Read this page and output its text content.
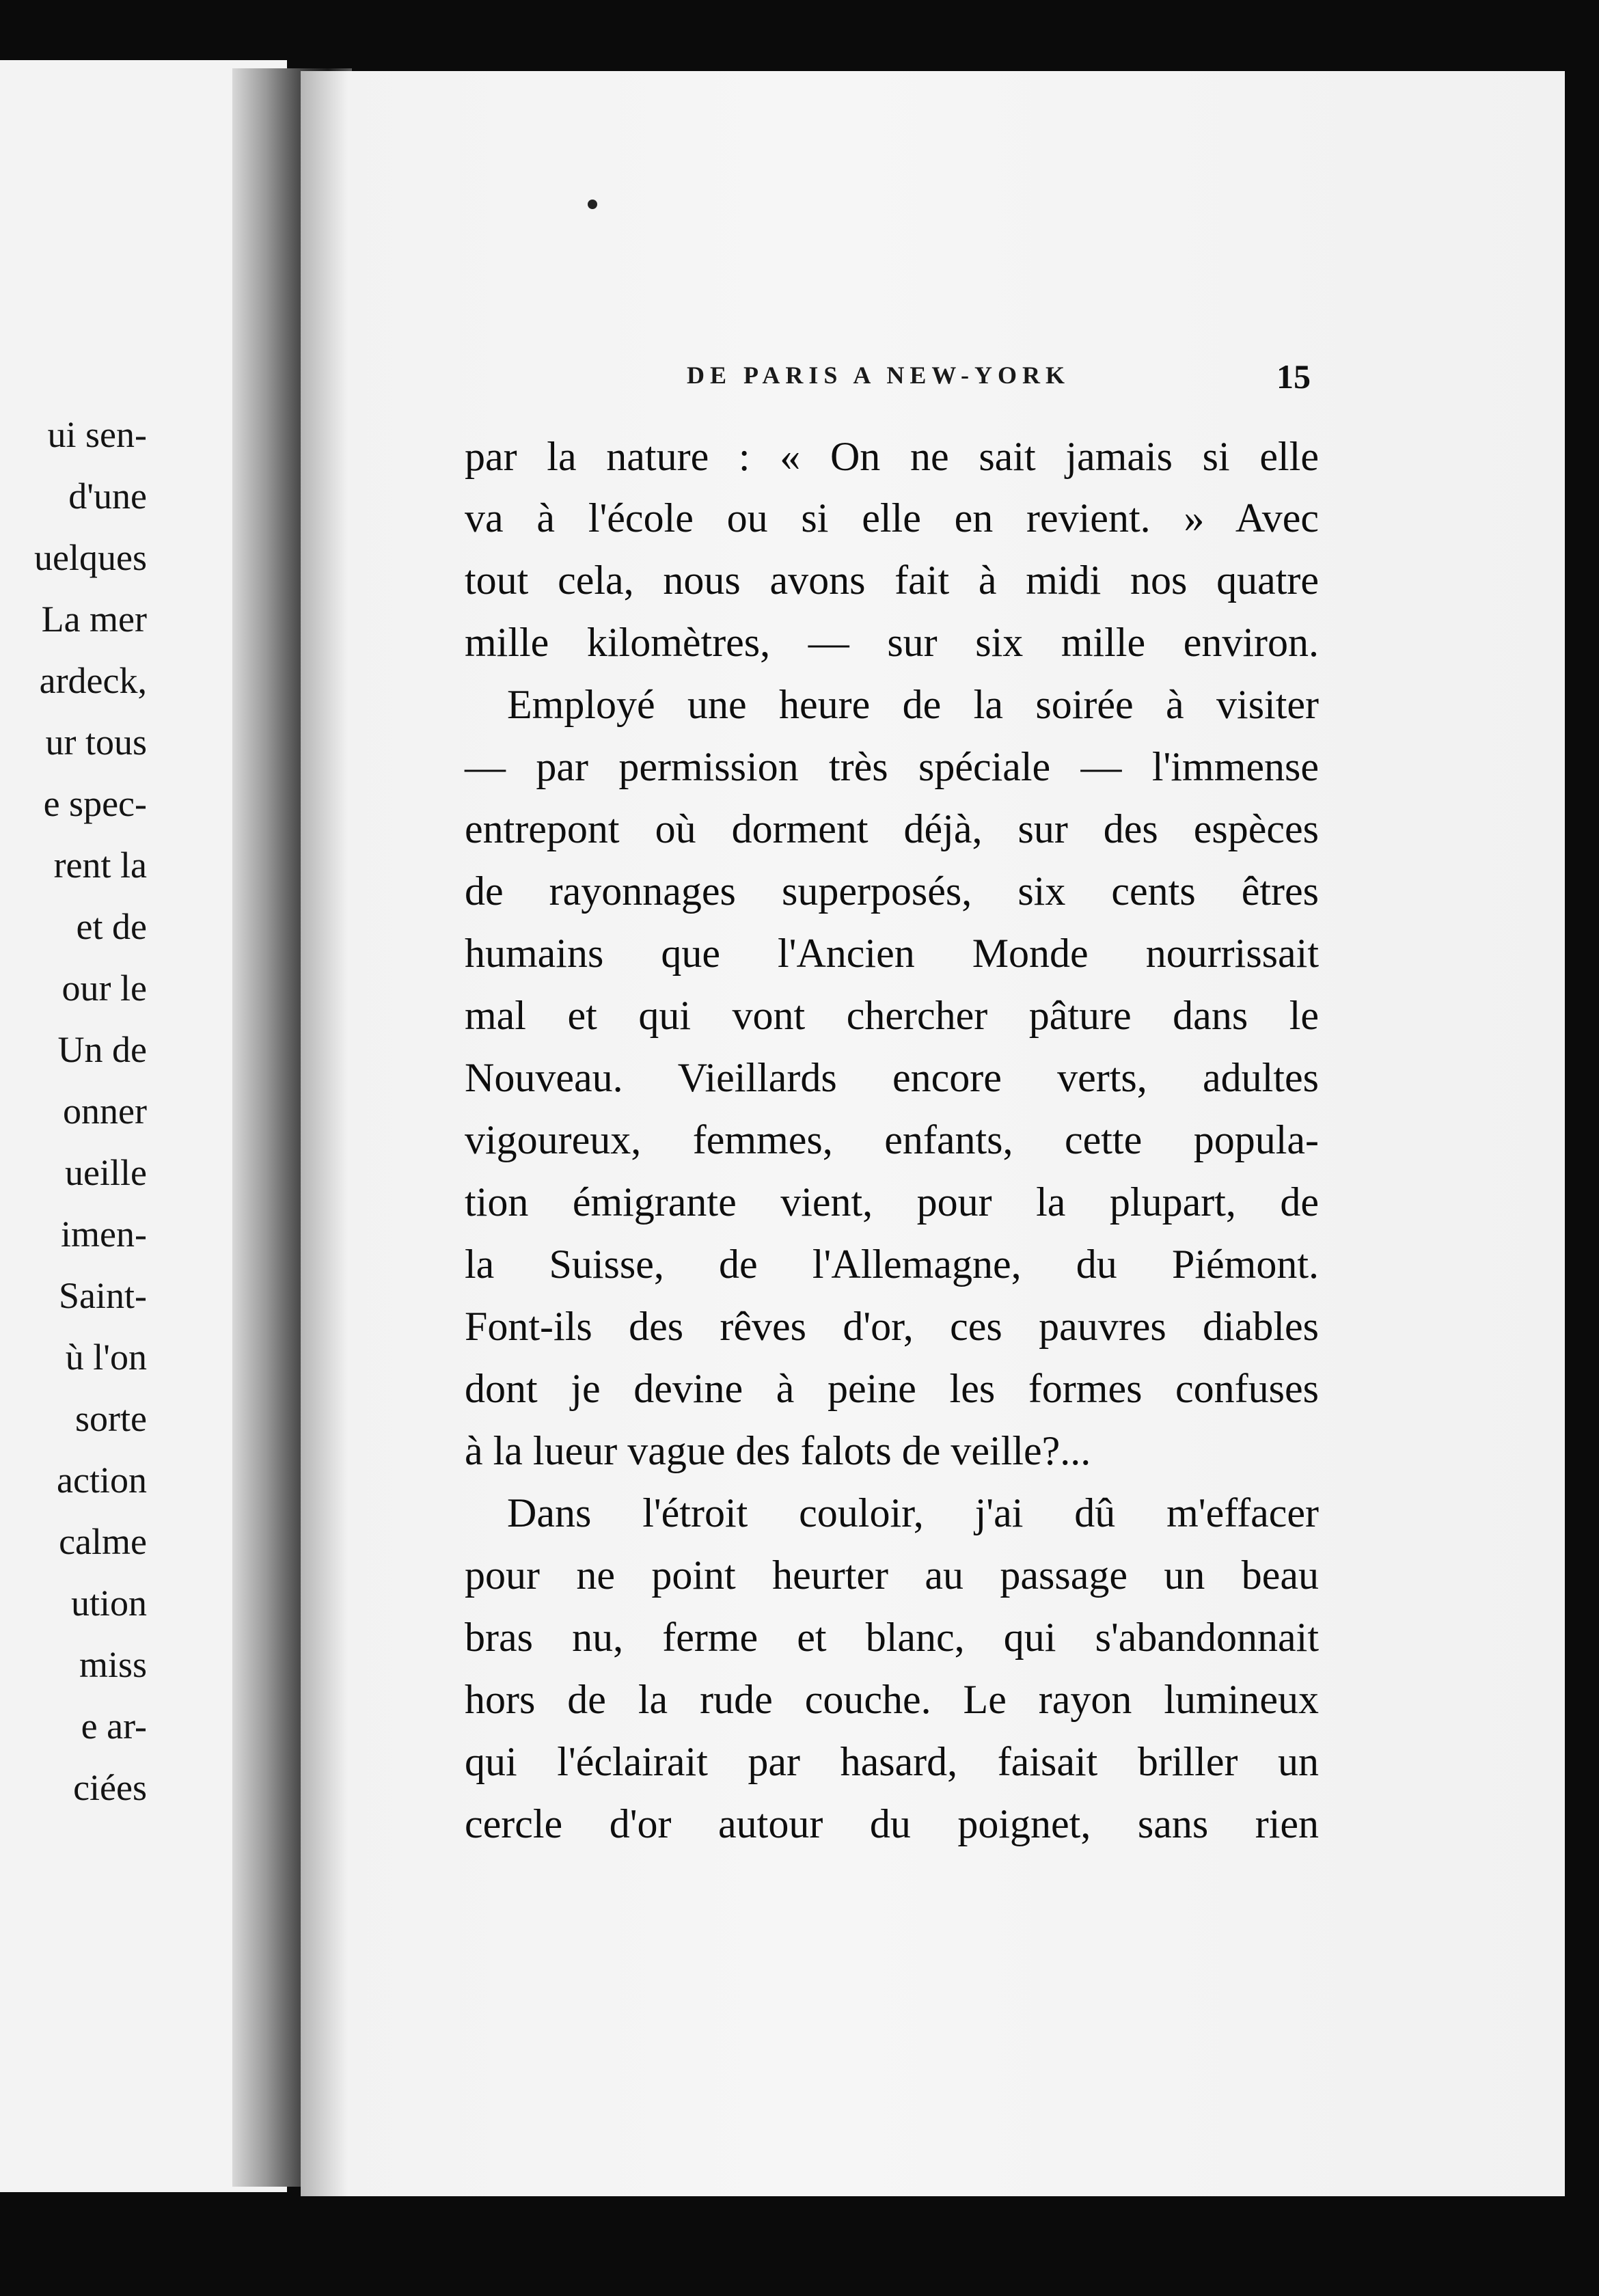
ui sen-
d'une
uelques
La mer
ardeck,
ur tous
e spec-
rent la
et de
our le
Un de
onner
ueille
imen-
Saint-
ù l'on
sorte
action
calme
ution
miss
e ar-
ciées
DE PARIS A NEW-YORK	15
par la nature : « On ne sait jamais si elle
va à l'école ou si elle en revient. » Avec
tout cela, nous avons fait à midi nos quatre
mille kilomètres, — sur six mille environ.
Employé une heure de la soirée à visiter
— par permission très spéciale — l'immense
entrepont où dorment déjà, sur des espèces
de rayonnages superposés, six cents êtres
humains que l'Ancien Monde nourrissait
mal et qui vont chercher pâture dans le
Nouveau. Vieillards encore verts, adultes
vigoureux, femmes, enfants, cette popula-
tion émigrante vient, pour la plupart, de
la Suisse, de l'Allemagne, du Piémont.
Font-ils des rêves d'or, ces pauvres diables
dont je devine à peine les formes confuses
à la lueur vague des falots de veille?...
Dans l'étroit couloir, j'ai dû m'effacer
pour ne point heurter au passage un beau
bras nu, ferme et blanc, qui s'abandonnait
hors de la rude couche. Le rayon lumineux
qui l'éclairait par hasard, faisait briller un
cercle d'or autour du poignet, sans rien
